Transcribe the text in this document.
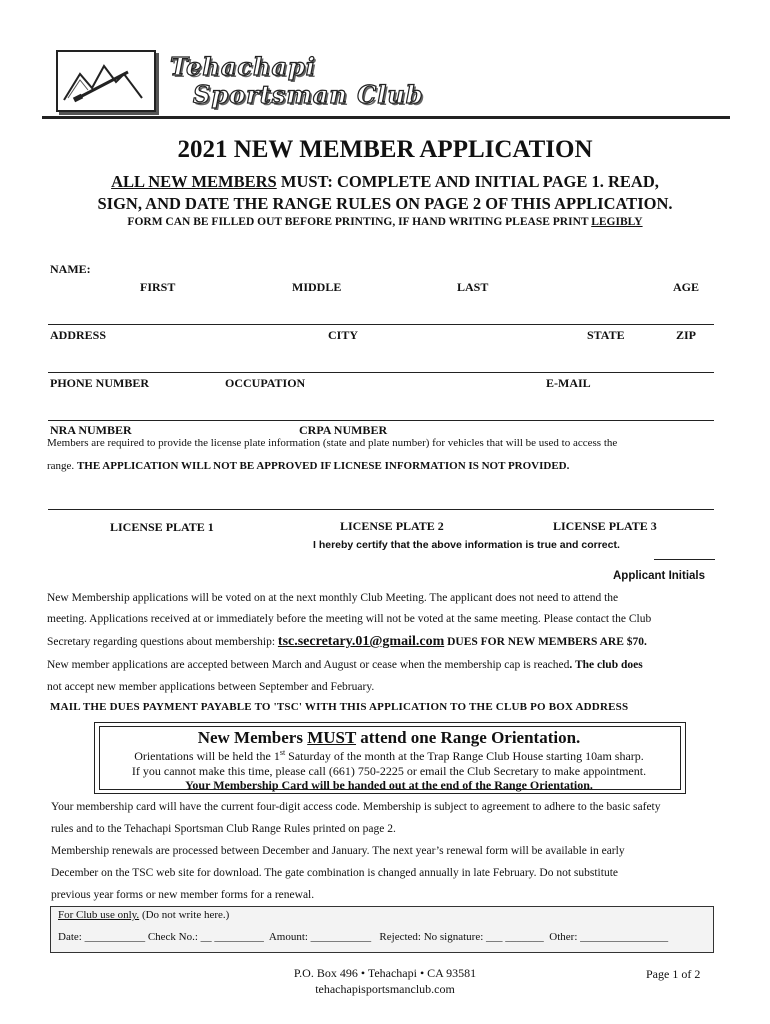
Tehachapi
Sportsman Club
2021 NEW MEMBER APPLICATION
ALL NEW MEMBERS MUST: COMPLETE AND INITIAL PAGE 1. READ,
SIGN, AND DATE THE RANGE RULES ON PAGE 2 OF THIS APPLICATION.
FORM CAN BE FILLED OUT BEFORE PRINTING, IF HAND WRITING PLEASE PRINT LEGIBLY
NAME:
FIRST	MIDDLE	LAST	AGE
ADDRESS	CITY	STATE	ZIP
PHONE NUMBER	OCCUPATION	E-MAIL
NRA NUMBER	CRPA NUMBER
Members are required to provide the license plate information (state and plate number) for vehicles that will be used to access the
range. THE APPLICATION WILL NOT BE APPROVED IF LICNESE INFORMATION IS NOT PROVIDED.
LICENSE PLATE 1	LICENSE PLATE 2	LICENSE PLATE 3
I hereby certify that the above information is true and correct.
Applicant Initials
New Membership applications will be voted on at the next monthly Club Meeting. The applicant does not need to attend the
meeting. Applications received at or immediately before the meeting will not be voted at the same meeting. Please contact the Club
Secretary regarding questions about membership: tsc.secretary.01@gmail.com DUES FOR NEW MEMBERS ARE $70.
New member applications are accepted between March and August or cease when the membership cap is reached. The club does
not accept new member applications between September and February.
MAIL THE DUES PAYMENT PAYABLE TO 'TSC' WITH THIS APPLICATION TO THE CLUB PO BOX ADDRESS
New Members MUST attend one Range Orientation.
Orientations will be held the 1st Saturday of the month at the Trap Range Club House starting 10am sharp.
If you cannot make this time, please call (661) 750-2225 or email the Club Secretary to make appointment.
Your Membership Card will be handed out at the end of the Range Orientation.
Your membership card will have the current four-digit access code. Membership is subject to agreement to adhere to the basic safety
rules and to the Tehachapi Sportsman Club Range Rules printed on page 2.
Membership renewals are processed between December and January. The next year’s renewal form will be available in early
December on the TSC web site for download. The gate combination is changed annually in late February. Do not substitute
previous year forms or new member forms for a renewal.
For Club use only. (Do not write here.)
Date: ___________ Check No.: __ _________  Amount: ___________   Rejected: No signature: ___ _______  Other: ________________
P.O. Box 496 • Tehachapi • CA 93581
tehachapisportsmanclub.com
Page 1 of 2
